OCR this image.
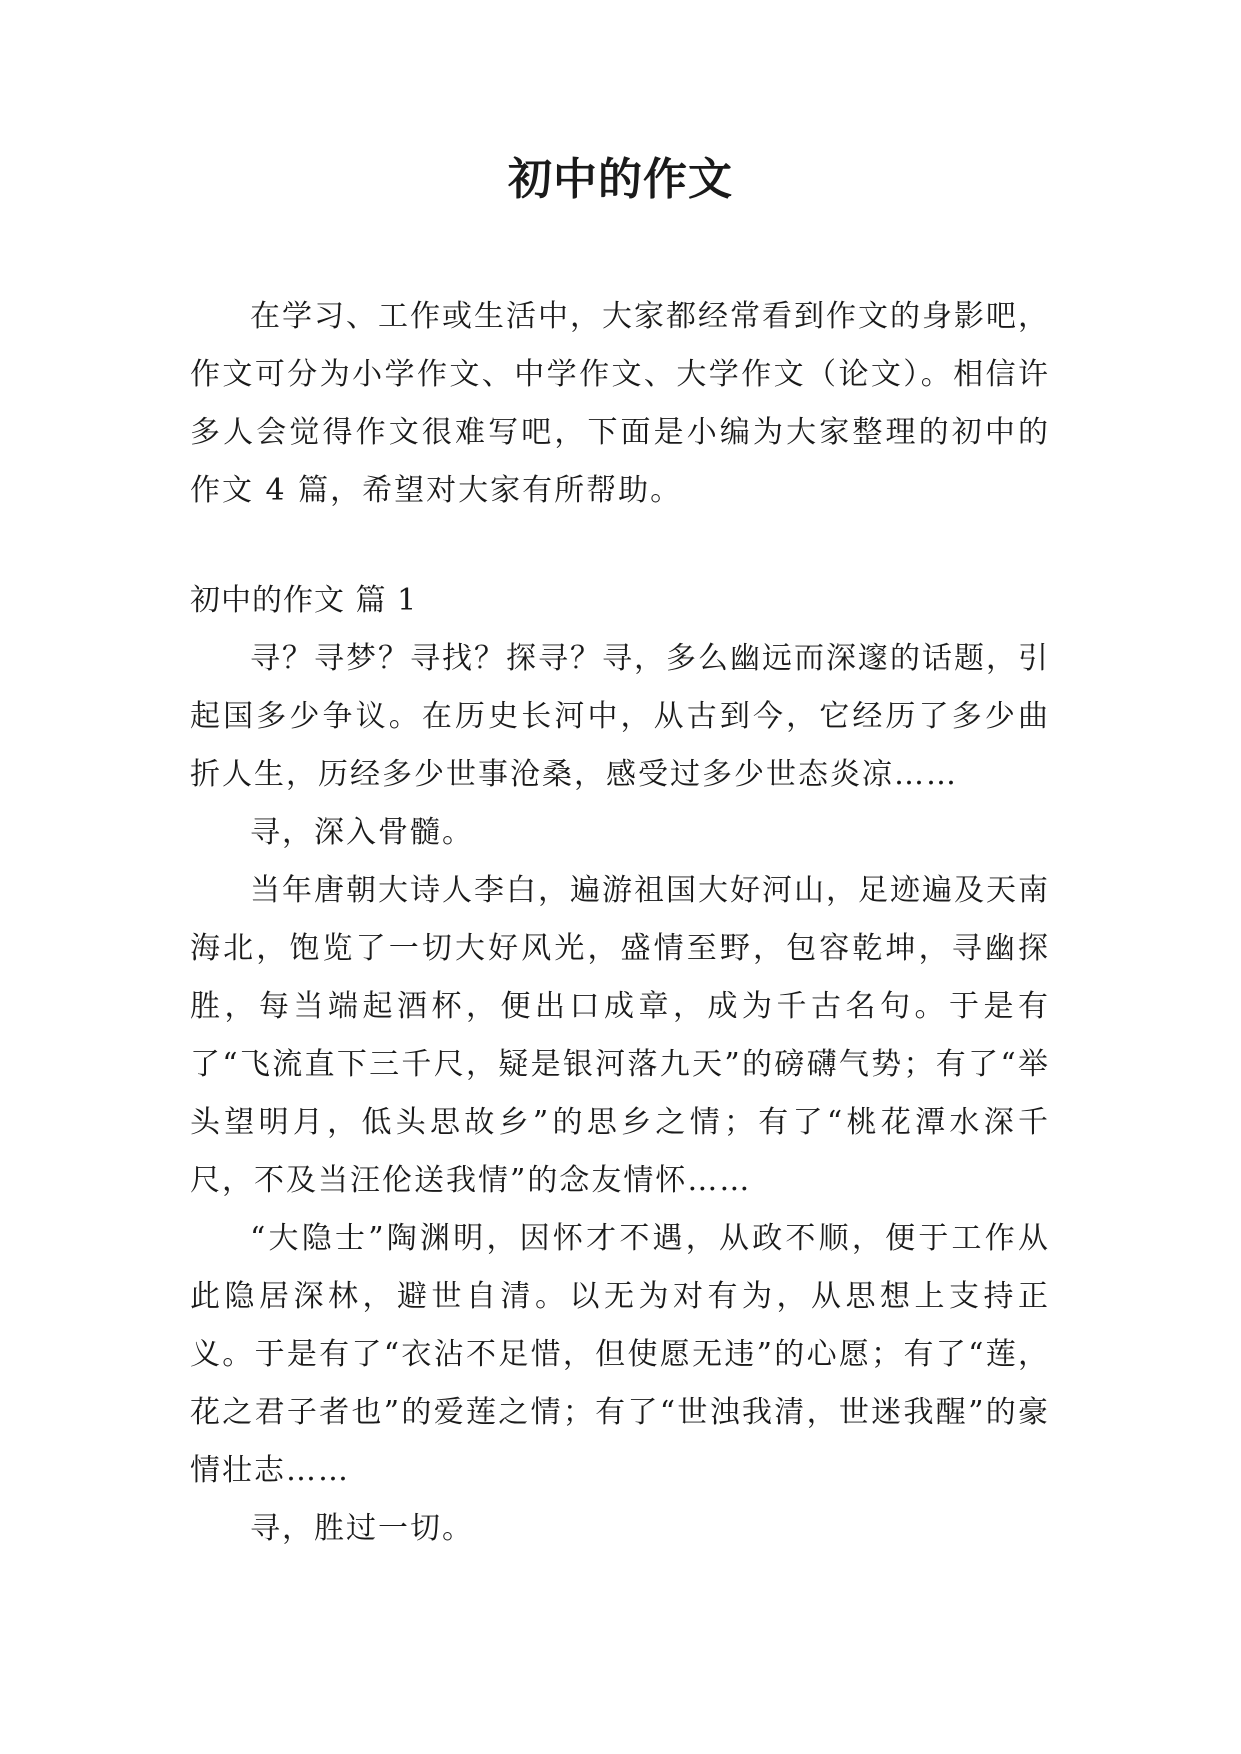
初中的作文

在学习、工作或生活中，大家都经常看到作文的身影吧，作文可分为小学作文、中学作文、大学作文（论文）。相信许多人会觉得作文很难写吧，下面是小编为大家整理的初中的作文 4 篇，希望对大家有所帮助。

初中的作文 篇 1

寻？寻梦？寻找？探寻？寻，多么幽远而深邃的话题，引起国多少争议。在历史长河中，从古到今，它经历了多少曲折人生，历经多少世事沧桑，感受过多少世态炎凉……

寻，深入骨髓。

当年唐朝大诗人李白，遍游祖国大好河山，足迹遍及天南海北，饱览了一切大好风光，盛情至野，包容乾坤，寻幽探胜，每当端起酒杯，便出口成章，成为千古名句。于是有了“飞流直下三千尺，疑是银河落九天”的磅礴气势；有了“举头望明月，低头思故乡”的思乡之情；有了“桃花潭水深千尺，不及当汪伦送我情”的念友情怀……

“大隐士”陶渊明，因怀才不遇，从政不顺，便于工作从此隐居深林，避世自清。以无为对有为，从思想上支持正义。于是有了“衣沾不足惜，但使愿无违”的心愿；有了“莲，花之君子者也”的爱莲之情；有了“世浊我清，世迷我醒”的豪情壮志……

寻，胜过一切。
